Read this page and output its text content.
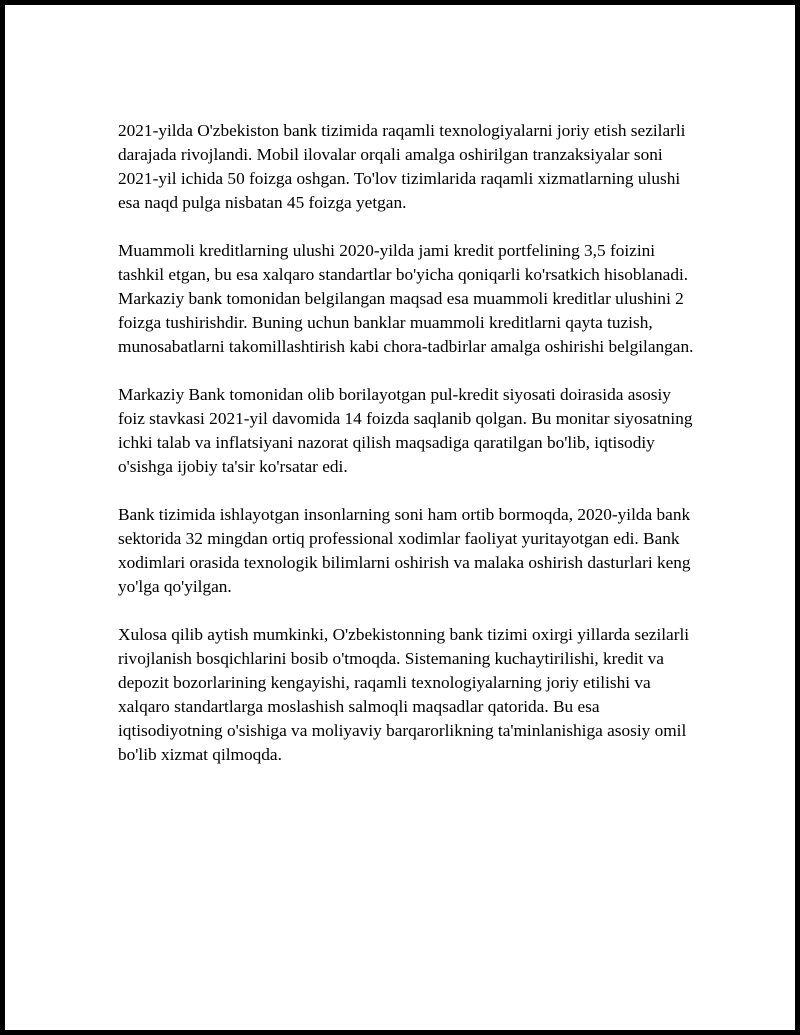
2021-yilda O'zbekiston bank tizimida raqamli texnologiyalarni joriy etish sezilarli darajada rivojlandi. Mobil ilovalar orqali amalga oshirilgan tranzaksiyalar soni 2021-yil ichida 50 foizga oshgan. To'lov tizimlarida raqamli xizmatlarning ulushi esa naqd pulga nisbatan 45 foizga yetgan.

Muammoli kreditlarning ulushi 2020-yilda jami kredit portfelining 3,5 foizini tashkil etgan, bu esa xalqaro standartlar bo'yicha qoniqarli ko'rsatkich hisoblanadi. Markaziy bank tomonidan belgilangan maqsad esa muammoli kreditlar ulushini 2 foizga tushirishdir. Buning uchun banklar muammoli kreditlarni qayta tuzish, munosabatlarni takomillashtirish kabi chora-tadbirlar amalga oshirishi belgilangan.

Markaziy Bank tomonidan olib borilayotgan pul-kredit siyosati doirasida asosiy foiz stavkasi 2021-yil davomida 14 foizda saqlanib qolgan. Bu monitar siyosatning ichki talab va inflatsiyani nazorat qilish maqsadiga qaratilgan bo'lib, iqtisodiy o'sishga ijobiy ta'sir ko'rsatar edi.

Bank tizimida ishlayotgan insonlarning soni ham ortib bormoqda, 2020-yilda bank sektorida 32 mingdan ortiq professional xodimlar faoliyat yuritayotgan edi. Bank xodimlari orasida texnologik bilimlarni oshirish va malaka oshirish dasturlari keng yo'lga qo'yilgan.

Xulosa qilib aytish mumkinki, O'zbekistonning bank tizimi oxirgi yillarda sezilarli rivojlanish bosqichlarini bosib o'tmoqda. Sistemaning kuchaytirilishi, kredit va depozit bozorlarining kengayishi, raqamli texnologiyalarning joriy etilishi va xalqaro standartlarga moslashish salmoqli maqsadlar qatorida. Bu esa iqtisodiyotning o'sishiga va moliyaviy barqarorlikning ta'minlanishiga asosiy omil bo'lib xizmat qilmoqda.
